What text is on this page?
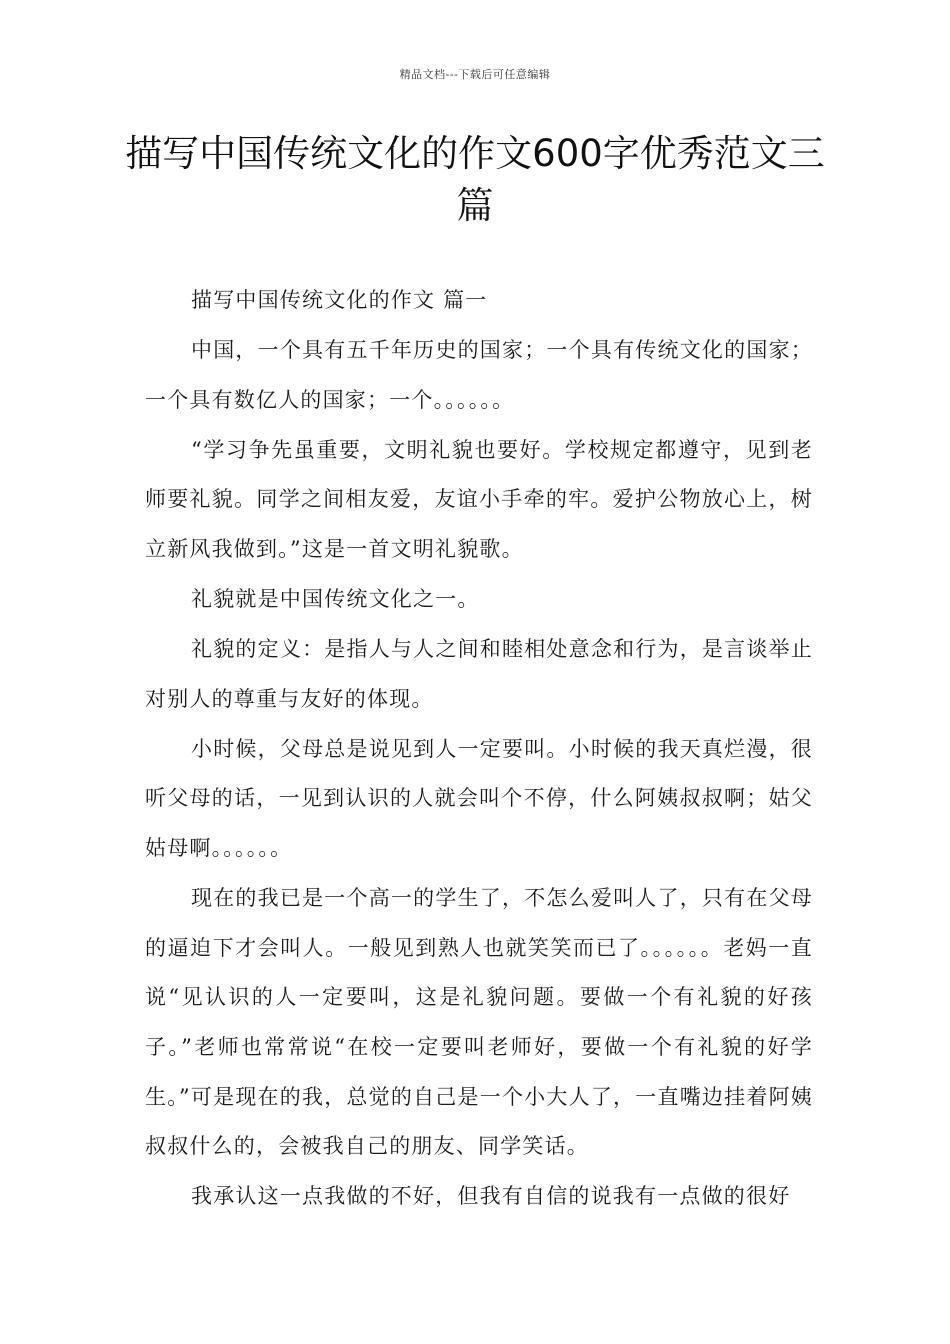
精品文档---下载后可任意编辑
描写中国传统文化的作文600字优秀范文三篇

描写中国传统文化的作文 篇一

中国，一个具有五千年历史的国家；一个具有传统文化的国家；一个具有数亿人的国家；一个。。。。。。

“学习争先虽重要，文明礼貌也要好。学校规定都遵守，见到老师要礼貌。同学之间相友爱，友谊小手牵的牢。爱护公物放心上，树立新风我做到。”这是一首文明礼貌歌。

礼貌就是中国传统文化之一。

礼貌的定义：是指人与人之间和睦相处意念和行为，是言谈举止对别人的尊重与友好的体现。

小时候，父母总是说见到人一定要叫。小时候的我天真烂漫，很听父母的话，一见到认识的人就会叫个不停，什么阿姨叔叔啊；姑父姑母啊。。。。。。

现在的我已是一个高一的学生了，不怎么爱叫人了，只有在父母的逼迫下才会叫人。一般见到熟人也就笑笑而已了。。。。。。老妈一直说“见认识的人一定要叫，这是礼貌问题。要做一个有礼貌的好孩子。”老师也常常说“在校一定要叫老师好，要做一个有礼貌的好学生。”可是现在的我，总觉的自己是一个小大人了，一直嘴边挂着阿姨叔叔什么的，会被我自己的朋友、同学笑话。

我承认这一点我做的不好，但我有自信的说我有一点做的很好
